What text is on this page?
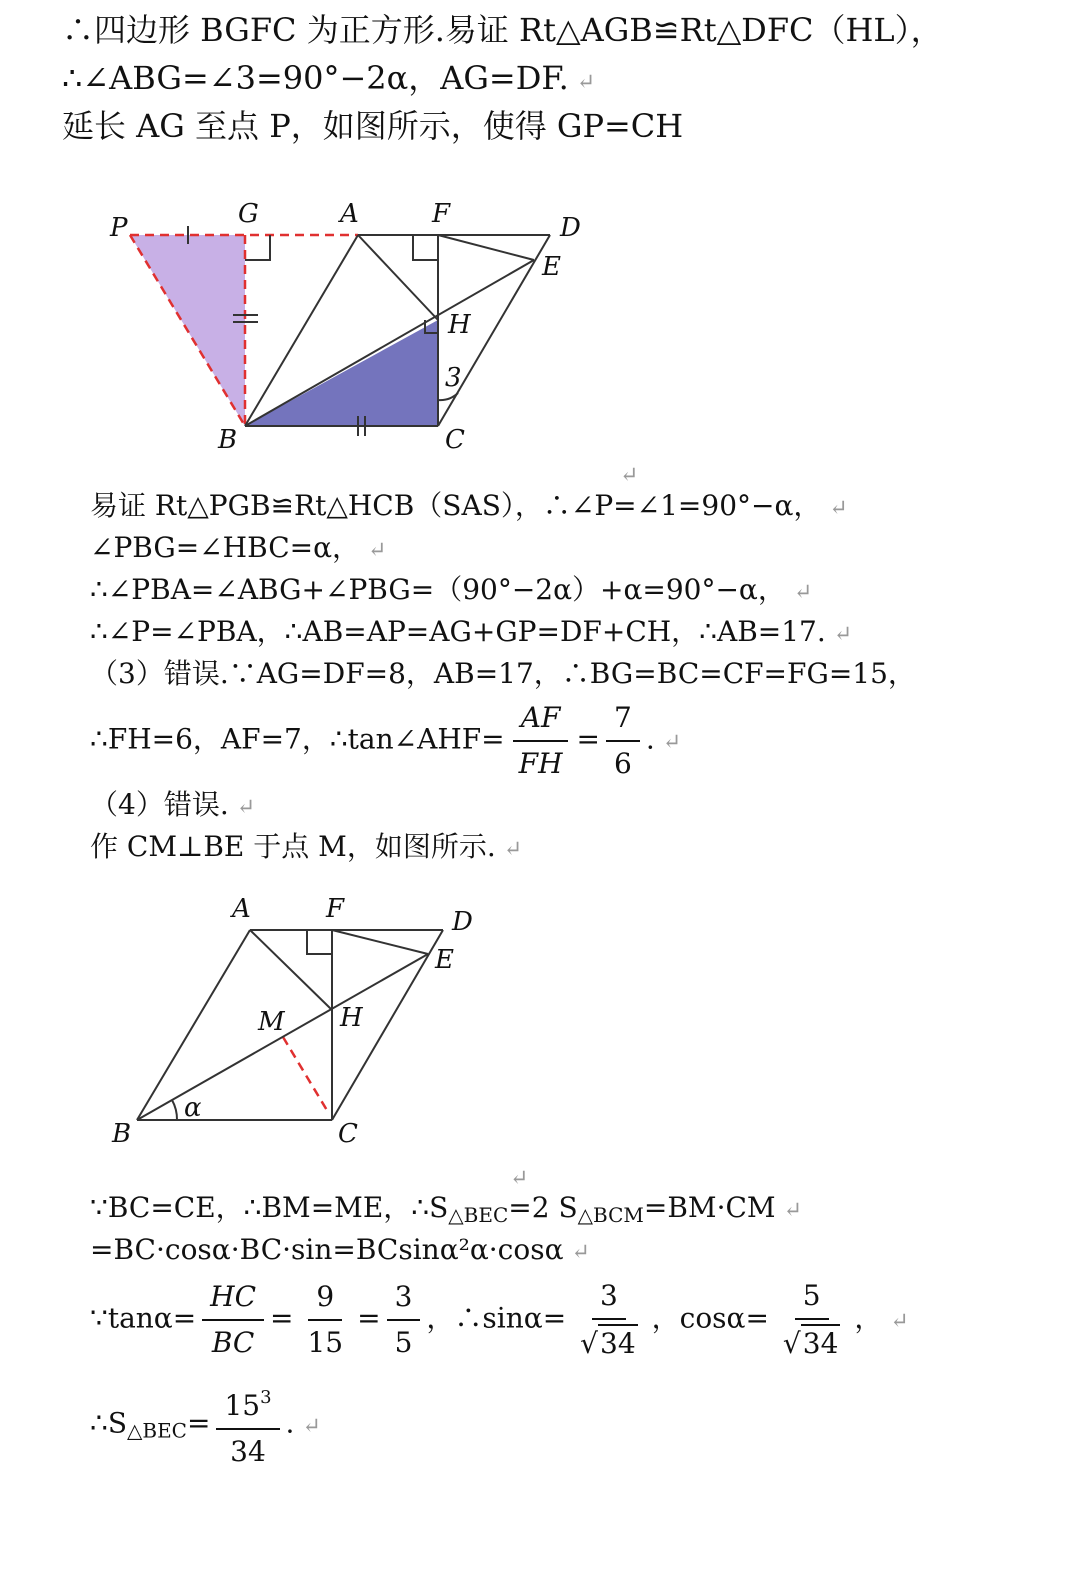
∴四边形 BGFC 为正方形.易证 Rt△AGB≌Rt△DFC（HL），
∴∠ABG=∠3=90°−2α，AG=DF. ↵
延长 AG 至点 P，如图所示，使得 GP=CH
P	G	A	F	D
E
H
3
B	C
↵
易证 Rt△PGB≌Rt△HCB（SAS），∴∠P=∠1=90°−α， ↵
∠PBG=∠HBC=α， ↵
∴∠PBA=∠ABG+∠PBG=（90°−2α）+α=90°−α， ↵
∴∠P=∠PBA，∴AB=AP=AG+GP=DF+CH，∴AB=17. ↵
（3）错误.∵AG=DF=8，AB=17，∴BG=BC=CF=FG=15，
∴FH=6，AF=7，∴tan∠AHF= $\frac{AF}{FH} = \frac{7}{6}$ . ↵
（4）错误. ↵
作 CM⊥BE 于点 M，如图所示. ↵
A	F	D
E
M H
α
B	C
↵
∵BC=CE，∴BM=ME，$\therefore S_{\triangle BEC}=2$ $S_{\triangle BCM}=BM\cdot CM$ ↵
=BC·cosα·BC·sin=BCsinα²α·cosα ↵
∵tanα= $\frac{HC}{BC} = \frac{9}{15} = \frac{3}{5}$ ，∴sinα= $\frac{3}{√ 34}$ ，$\cos\alpha= \frac{5}{√ 34}$ ， ↵
$\therefore S_{\triangle BEC}= \frac{15^3}{34}$ . ↵
